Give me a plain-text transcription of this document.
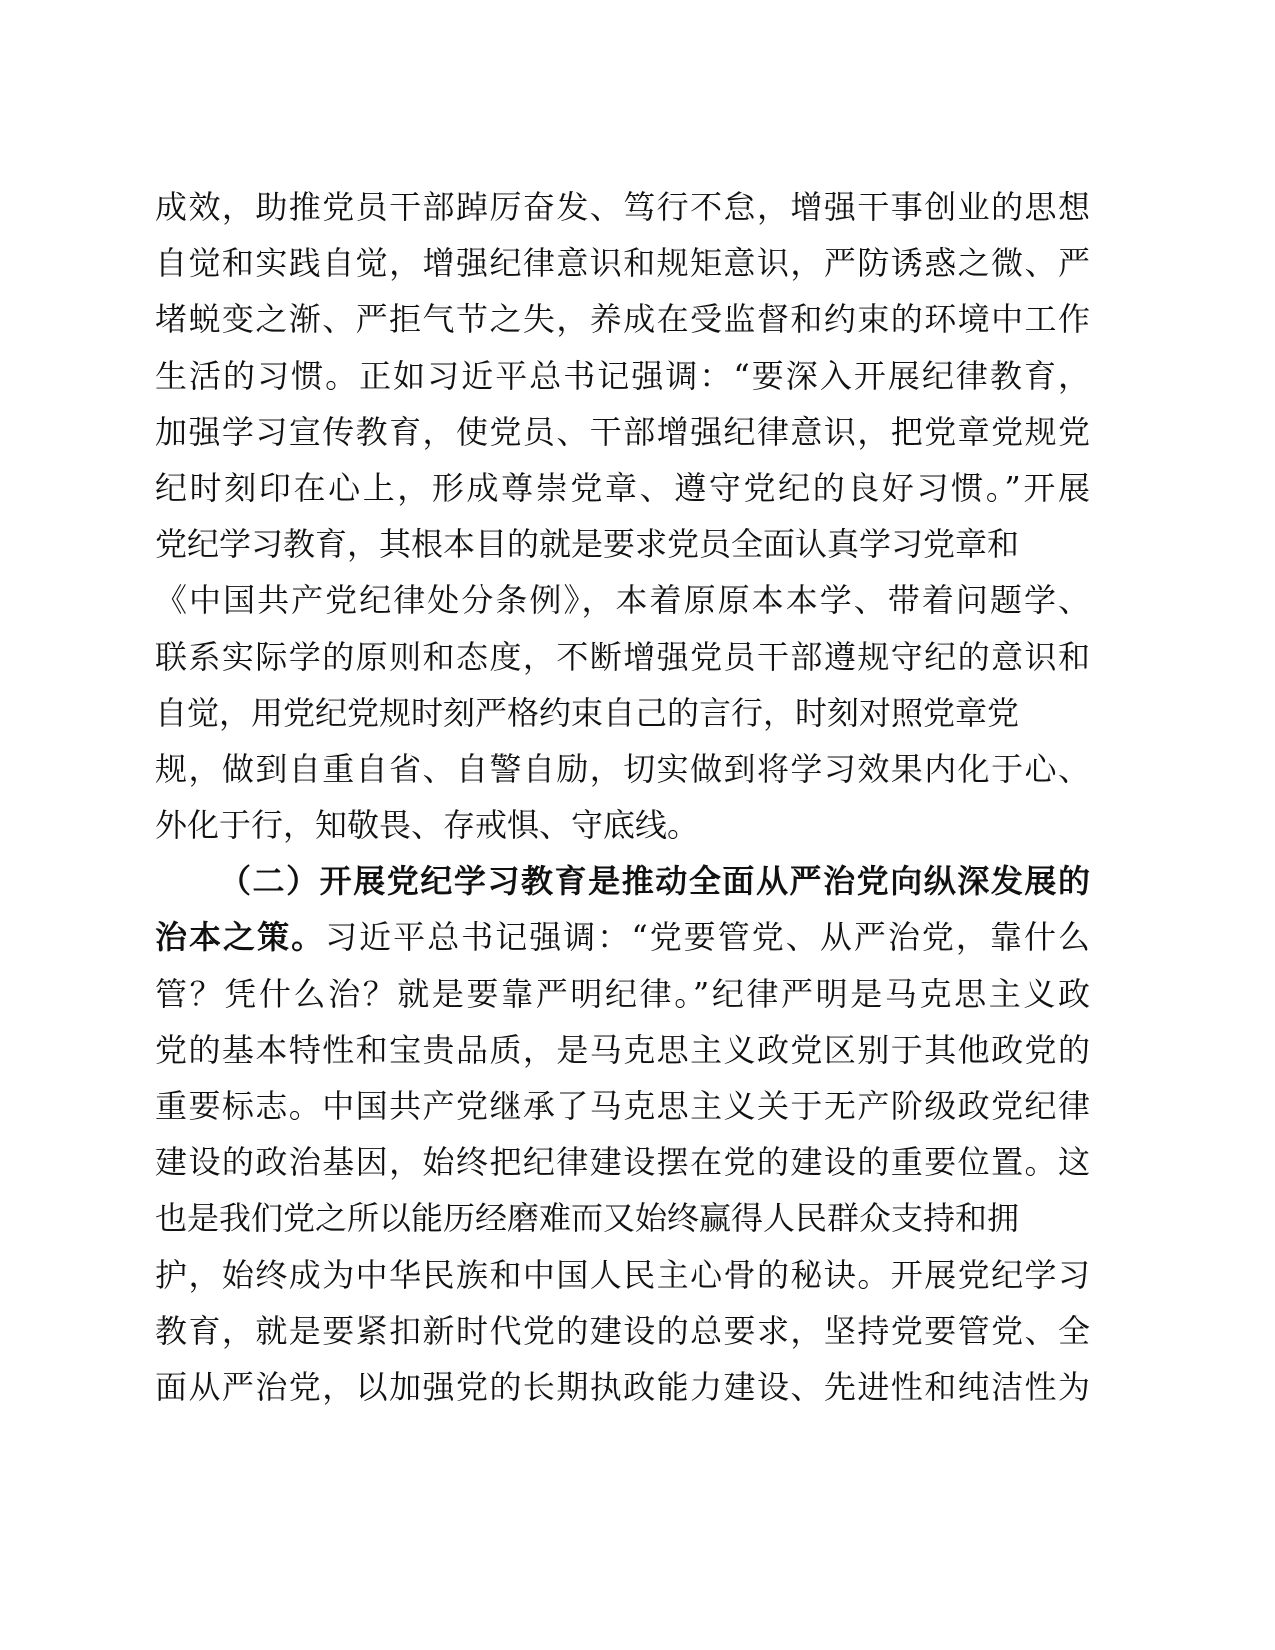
成效，助推党员干部踔厉奋发、笃行不怠，增强干事创业的思想
自觉和实践自觉，增强纪律意识和规矩意识，严防诱惑之微、严
堵蜕变之渐、严拒气节之失，养成在受监督和约束的环境中工作
生活的习惯。正如习近平总书记强调：“要深入开展纪律教育，
加强学习宣传教育，使党员、干部增强纪律意识，把党章党规党
纪时刻印在心上，形成尊崇党章、遵守党纪的良好习惯。”开展
党纪学习教育，其根本目的就是要求党员全面认真学习党章和
《中国共产党纪律处分条例》，本着原原本本学、带着问题学、
联系实际学的原则和态度，不断增强党员干部遵规守纪的意识和
自觉，用党纪党规时刻严格约束自己的言行，时刻对照党章党
规，做到自重自省、自警自励，切实做到将学习效果内化于心、
外化于行，知敬畏、存戒惧、守底线。
（二）开展党纪学习教育是推动全面从严治党向纵深发展的
治本之策。习近平总书记强调：“党要管党、从严治党，靠什么
管？凭什么治？就是要靠严明纪律。”纪律严明是马克思主义政
党的基本特性和宝贵品质，是马克思主义政党区别于其他政党的
重要标志。中国共产党继承了马克思主义关于无产阶级政党纪律
建设的政治基因，始终把纪律建设摆在党的建设的重要位置。这
也是我们党之所以能历经磨难而又始终赢得人民群众支持和拥
护，始终成为中华民族和中国人民主心骨的秘诀。开展党纪学习
教育，就是要紧扣新时代党的建设的总要求，坚持党要管党、全
面从严治党，以加强党的长期执政能力建设、先进性和纯洁性为
